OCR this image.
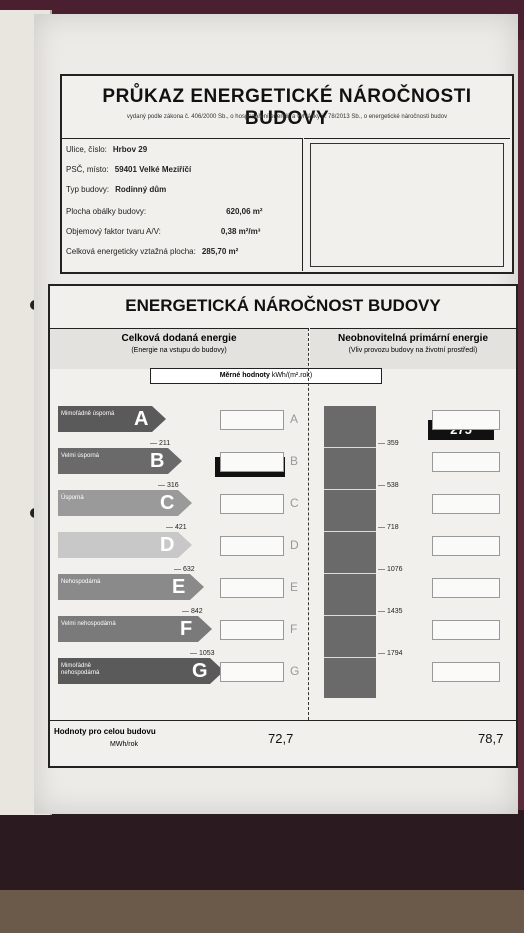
PRŮKAZ ENERGETICKÉ NÁROČNOSTI BUDOVY
vydaný podle zákona č. 406/2000 Sb., o hospodaření energií, a vyhlášky č. 78/2013 Sb., o energetické náročnosti budov
Ulice, číslo: Hrbov 29
PSČ, místo: 59401 Velké Meziříčí
Typ budovy: Rodinný dům
Plocha obálky budovy:	620,06 m²
Objemový faktor tvaru A/V:	0,38 m²/m³
Celková energeticky vztažná plocha: 285,70 m²
ENERGETICKÁ NÁROČNOST BUDOVY
Celková dodaná energie
(Energie na vstupu do budovy)
Neobnovitelná primární energie
(Vliv provozu budovy na životní prostředí)
Měrné hodnoty kWh/(m².rok)
Hodnoty pro celou budovu
MWh/rok	72,7	78,7
Mimořádně úsporná A	A
Velmi úsporná	B	B
Úsporná	C	C
D	D
Nehospodárná	E	E
Velmi nehospodárná	F	F
Mimořádně nehospodárná	G	G
— 211
— 316
— 421
— 632
— 842
— 1053
— 359
— 538
— 718
— 1076
— 1435
— 1794
